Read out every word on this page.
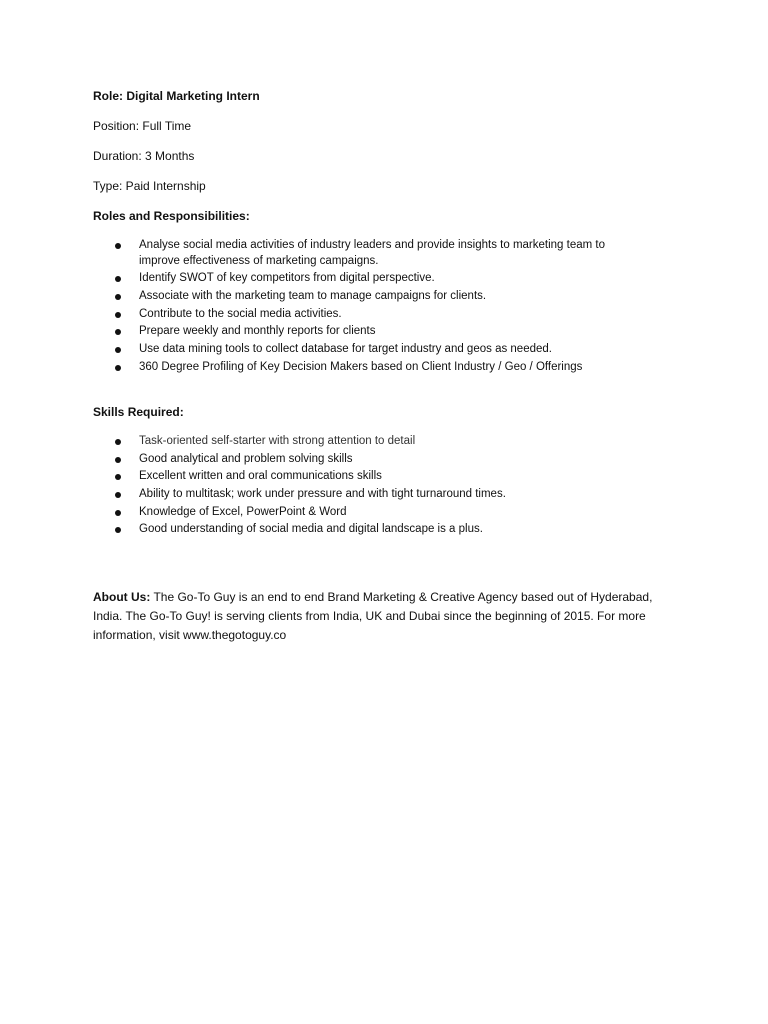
Role: Digital Marketing Intern
Position: Full Time
Duration: 3 Months
Type: Paid Internship
Roles and Responsibilities:
Analyse social media activities of industry leaders and provide insights to marketing team to
improve effectiveness of marketing campaigns.
Identify SWOT of key competitors from digital perspective.
Associate with the marketing team to manage campaigns for clients.
Contribute to the social media activities.
Prepare weekly and monthly reports for clients
Use data mining tools to collect database for target industry and geos as needed.
360 Degree Profiling of Key Decision Makers based on Client Industry / Geo / Offerings
Skills Required:
Task-oriented self-starter with strong attention to detail
Good analytical and problem solving skills
Excellent written and oral communications skills
Ability to multitask; work under pressure and with tight turnaround times.
Knowledge of Excel, PowerPoint & Word
Good understanding of social media and digital landscape is a plus.
About Us: The Go-To Guy is an end to end Brand Marketing & Creative Agency based out of Hyderabad, India. The Go-To Guy! is serving clients from India, UK and Dubai since the beginning of 2015. For more information, visit www.thegotoguy.co
